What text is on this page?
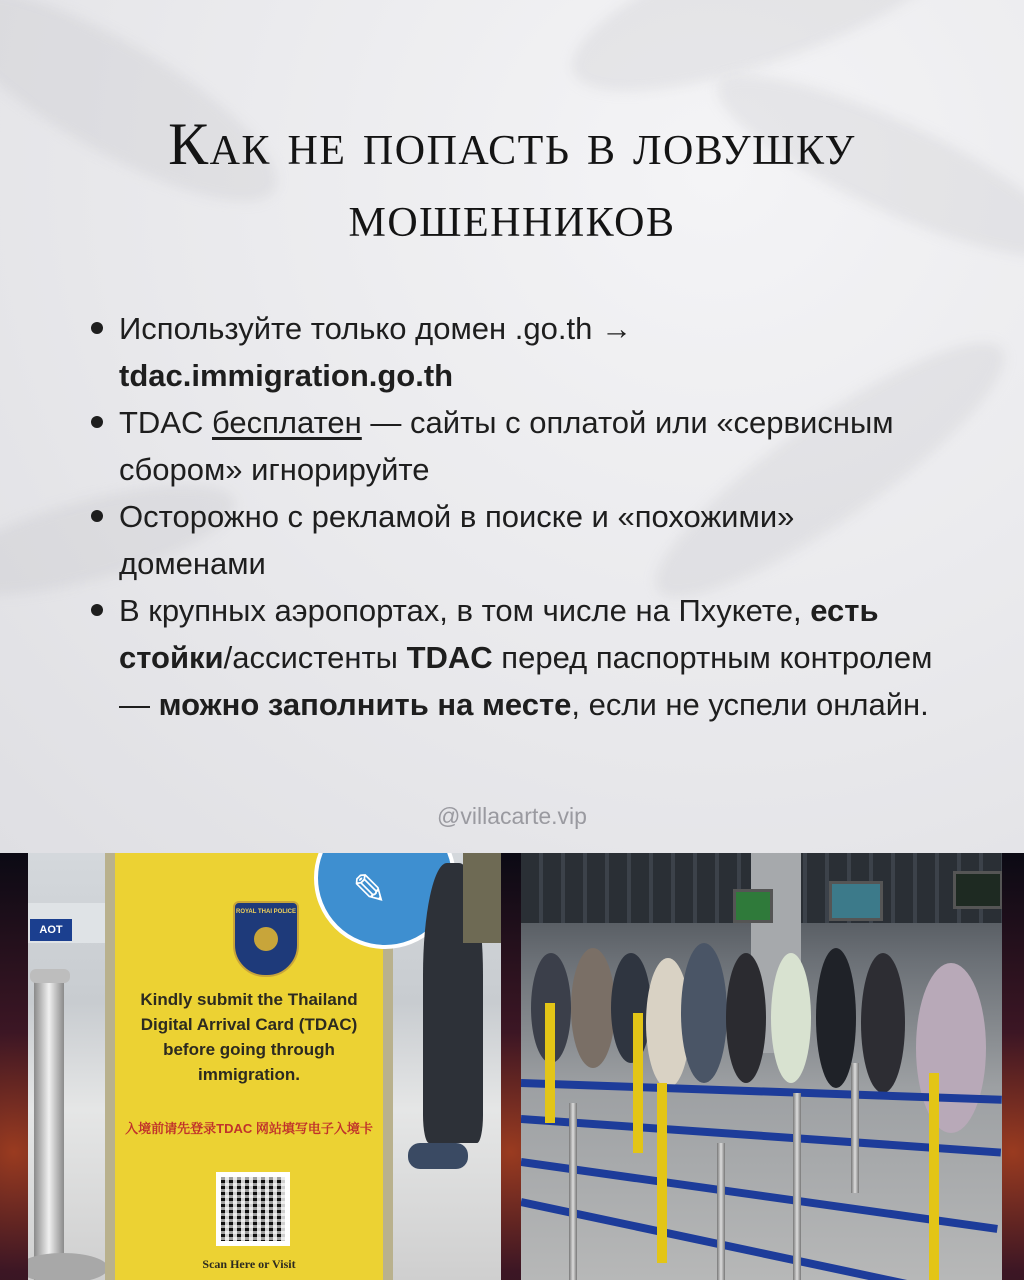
Как не попасть в ловушку мошенников
Используйте только домен .go.th →
tdac.immigration.go.th
TDAC бесплатен — сайты с оплатой или «сервисным сбором» игнорируйте
Осторожно с рекламой в поиске и «похожими» доменами
В крупных аэропортах, в том числе на Пхукете, есть стойки/ассистенты TDAC перед паспортным контролем — можно заполнить на месте, если не успели онлайн.
@villacarte.vip
AOT
ROYAL THAI POLICE
Kindly submit the Thailand Digital Arrival Card (TDAC) before going through immigration.
入境前请先登录TDAC 网站填写电子入境卡
Scan Here or Visit
✎
